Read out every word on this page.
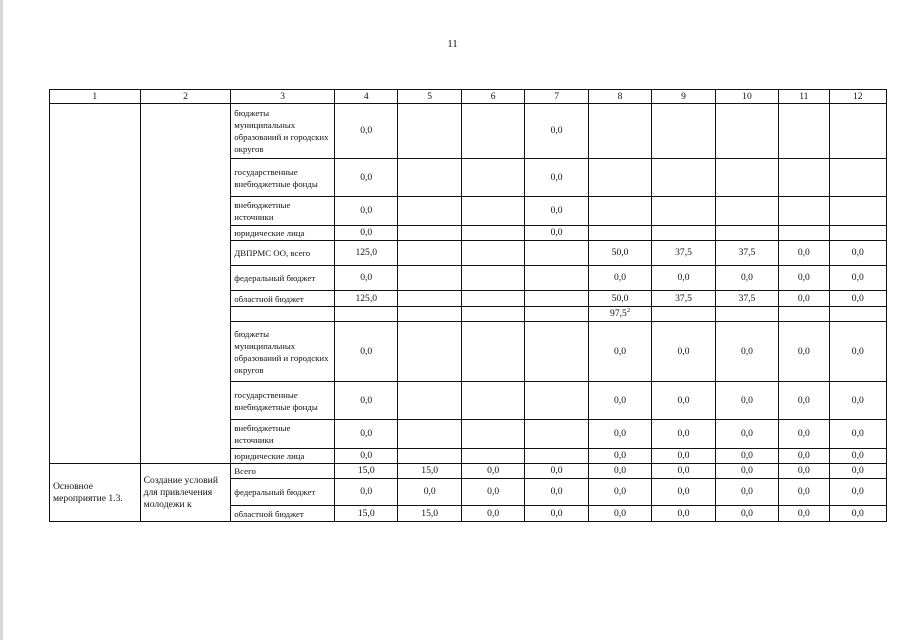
11
1	2	3	4	5	6	7	8	9	10	11	12
		бюджеты муниципальных образований и городских округов	0,0			0,0					
		государственные внебюджетные фонды	0,0			0,0					
		внебюджетные источники	0,0			0,0					
		юридические лица	0,0			0,0					
		ДВПРМС ОО, всего	125,0				50,0	37,5	37,5	0,0	0,0
		федеральный бюджет	0,0				0,0	0,0	0,0	0,0	0,0
		областной бюджет	125,0				50,0	37,5	37,5	0,0	0,0
							97,5$^2$				
		бюджеты муниципальных образований и городских округов	0,0				0,0	0,0	0,0	0,0	0,0
		государственные внебюджетные фонды	0,0				0,0	0,0	0,0	0,0	0,0
		внебюджетные источники	0,0				0,0	0,0	0,0	0,0	0,0
		юридические лица	0,0				0,0	0,0	0,0	0,0	0,0
Основное мероприятие 1.3.	Создание условий для привлечения молодежи к	Всего	15,0	15,0	0,0	0,0	0,0	0,0	0,0	0,0	0,0
		федеральный бюджет	0,0	0,0	0,0	0,0	0,0	0,0	0,0	0,0	0,0
		областной бюджет	15,0	15,0	0,0	0,0	0,0	0,0	0,0	0,0	0,0
